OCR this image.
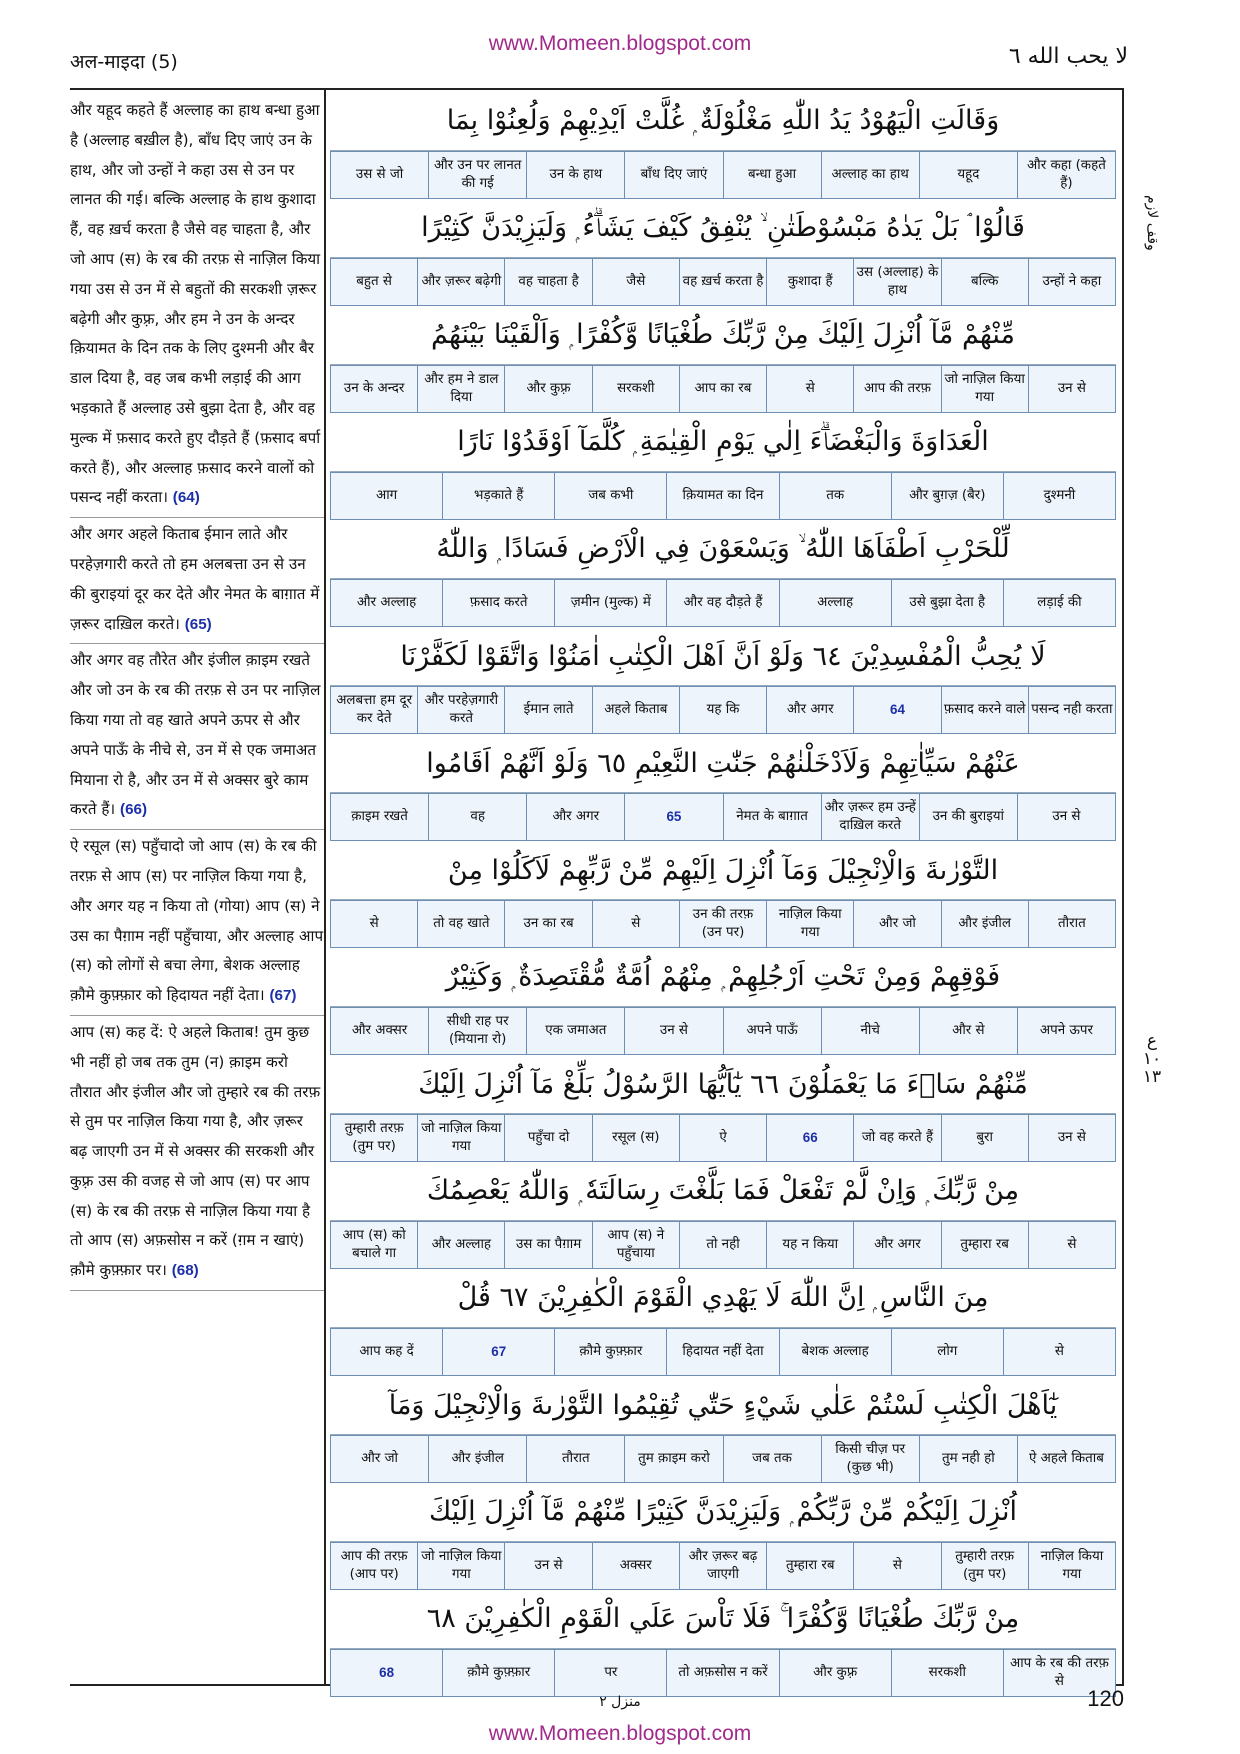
www.Momeen.blogspot.com
अल-माइदा (5)	لا يحب الله ٦
और यहूद कहते हैं अल्लाह का हाथ बन्धा हुआ है (अल्लाह बख़ील है), बाँध दिए जाएं उन के हाथ, और जो उन्हों ने कहा उस से उन पर लानत की गई। बल्कि अल्लाह के हाथ कुशादा हैं, वह ख़र्च करता है जैसे वह चाहता है, और जो आप (स) के रब की तरफ़ से नाज़िल किया गया उस से उन में से बहुतों की सरकशी ज़रूर बढ़ेगी और कुफ़्र, और हम ने उन के अन्दर क़ियामत के दिन तक के लिए दुश्मनी और बैर डाल दिया है, वह जब कभी लड़ाई की आग भड़काते हैं अल्लाह उसे बुझा देता है, और वह मुल्क में फ़साद करते हुए दौड़ते हैं (फ़साद बर्पा करते हैं), और अल्लाह फ़साद करने वालों को पसन्द नहीं करता। (64)
और अगर अहले किताब ईमान लाते और परहेज़गारी करते तो हम अलबत्ता उन से उन की बुराइयां दूर कर देते और नेमत के बाग़ात में ज़रूर दाख़िल करते। (65)
और अगर वह तौरेत और इंजील क़ाइम रखते और जो उन के रब की तरफ़ से उन पर नाज़िल किया गया तो वह खाते अपने ऊपर से और अपने पाऊँ के नीचे से, उन में से एक जमाअत मियाना रो है, और उन में से अक्सर बुरे काम करते हैं। (66)
ऐ रसूल (स) पहुँचादो जो आप (स) के रब की तरफ़ से आप (स) पर नाज़िल किया गया है, और अगर यह न किया तो (गोया) आप (स) ने उस का पैग़ाम नहीं पहुँचाया, और अल्लाह आप (स) को लोगों से बचा लेगा, बेशक अल्लाह क़ौमे कुफ़्फ़ार को हिदायत नहीं देता। (67)
आप (स) कह दें: ऐ अहले किताब! तुम कुछ भी नहीं हो जब तक तुम (न) क़ाइम करो तौरात और इंजील और जो तुम्हारे रब की तरफ़ से तुम पर नाज़िल किया गया है, और ज़रूर बढ़ जाएगी उन में से अक्सर की सरकशी और कुफ़्र उस की वजह से जो आप (स) पर आप (स) के रब की तरफ़ से नाज़िल किया गया है तो आप (स) अफ़सोस न करें (ग़म न खाएं) क़ौमे कुफ़्फ़ार पर। (68)
وَقَالَتِ الْيَهُوْدُ يَدُ اللّٰهِ مَغْلُوْلَةٌ ۭ غُلَّتْ اَيْدِيْهِمْ وَلُعِنُوْا بِمَا
और कहा (कहते हैं)
यहूद
अल्लाह का हाथ
बन्धा हुआ
बाँध दिए जाएं
उन के हाथ
और उन पर लानत की गई
उस से जो
قَالُوْا ۘ بَلْ يَدٰهُ مَبْسُوْطَتٰنِ ۙ يُنْفِقُ كَيْفَ يَشَاۗءُ ۭ وَلَيَزِيْدَنَّ كَثِيْرًا
उन्हों ने कहा
बल्कि
उस (अल्लाह) के हाथ
कुशादा हैं
वह ख़र्च करता है
जैसे
वह चाहता है
और ज़रूर बढ़ेगी
बहुत से
مِّنْهُمْ مَّآ اُنْزِلَ اِلَيْكَ مِنْ رَّبِّكَ طُغْيَانًا وَّكُفْرًا ۭ وَاَلْقَيْنَا بَيْنَهُمُ
उन से
जो नाज़िल किया गया
आप की तरफ़
से
आप का रब
सरकशी
और कुफ़्र
और हम ने डाल दिया
उन के अन्दर
الْعَدَاوَةَ وَالْبَغْضَاۗءَ اِلٰي يَوْمِ الْقِيٰمَةِ ۭ كُلَّمَآ اَوْقَدُوْا نَارًا
दुश्मनी
और बुग़ज़ (बैर)
तक
क़ियामत का दिन
जब कभी
भड़काते हैं
आग
لِّلْحَرْبِ اَطْفَاَهَا اللّٰهُ ۙ وَيَسْعَوْنَ فِي الْاَرْضِ فَسَادًا ۭ وَاللّٰهُ
लड़ाई की
उसे बुझा देता है
अल्लाह
और वह दौड़ते हैं
ज़मीन (मुल्क) में
फ़साद करते
और अल्लाह
لَا يُحِبُّ الْمُفْسِدِيْنَ ٦٤ وَلَوْ اَنَّ اَهْلَ الْكِتٰبِ اٰمَنُوْا وَاتَّقَوْا لَكَفَّرْنَا
पसन्द नही करता
फ़साद करने वाले
64
और अगर
यह कि
अहले किताब
ईमान लाते
और परहेज़गारी करते
अलबत्ता हम दूर कर देते
عَنْهُمْ سَيِّاٰتِهِمْ وَلَاَدْخَلْنٰهُمْ جَنّٰتِ النَّعِيْمِ ٦٥ وَلَوْ اَنَّهُمْ اَقَامُوا
उन से
उन की बुराइयां
और ज़रूर हम उन्हें दाख़िल करते
नेमत के बाग़ात
65
और अगर
वह
क़ाइम रखते
التَّوْرٰىةَ وَالْاِنْجِيْلَ وَمَآ اُنْزِلَ اِلَيْهِمْ مِّنْ رَّبِّهِمْ لَاَكَلُوْا مِنْ
तौरात
और इंजील
और जो
नाज़िल किया गया
उन की तरफ़ (उन पर)
से
उन का रब
तो वह खाते
से
فَوْقِهِمْ وَمِنْ تَحْتِ اَرْجُلِهِمْ ۭ مِنْهُمْ اُمَّةٌ مُّقْتَصِدَةٌ ۭ وَكَثِيْرٌ
अपने ऊपर
और से
नीचे
अपने पाऊँ
उन से
एक जमाअत
सीधी राह पर (मियाना रो)
और अक्सर
مِّنْهُمْ سَاۗءَ مَا يَعْمَلُوْنَ ٦٦ يٰٓاَيُّهَا الرَّسُوْلُ بَلِّغْ مَآ اُنْزِلَ اِلَيْكَ
उन से
बुरा
जो वह करते हैं
66
ऐ
रसूल (स)
पहुँचा दो
जो नाज़िल किया गया
तुम्हारी तरफ़ (तुम पर)
مِنْ رَّبِّكَ ۭ وَاِنْ لَّمْ تَفْعَلْ فَمَا بَلَّغْتَ رِسَالَتَهٗ ۭ وَاللّٰهُ يَعْصِمُكَ
से
तुम्हारा रब
और अगर
यह न किया
तो नही
आप (स) ने पहुँचाया
उस का पैग़ाम
और अल्लाह
आप (स) को बचाले गा
مِنَ النَّاسِ ۭ اِنَّ اللّٰهَ لَا يَهْدِي الْقَوْمَ الْكٰفِرِيْنَ ٦٧ قُلْ
से
लोग
बेशक अल्लाह
हिदायत नहीं देता
क़ौमे कुफ़्फ़ार
67
आप कह दें
يٰٓاَهْلَ الْكِتٰبِ لَسْتُمْ عَلٰي شَيْءٍ حَتّٰي تُقِيْمُوا التَّوْرٰىةَ وَالْاِنْجِيْلَ وَمَآ
ऐ अहले किताब
तुम नही हो
किसी चीज़ पर (कुछ भी)
जब तक
तुम क़ाइम करो
तौरात
और इंजील
और जो
اُنْزِلَ اِلَيْكُمْ مِّنْ رَّبِّكُمْ ۭ وَلَيَزِيْدَنَّ كَثِيْرًا مِّنْهُمْ مَّآ اُنْزِلَ اِلَيْكَ
नाज़िल किया गया
तुम्हारी तरफ़ (तुम पर)
से
तुम्हारा रब
और ज़रूर बढ़ जाएगी
अक्सर
उन से
जो नाज़िल किया गया
आप की तरफ़ (आप पर)
مِنْ رَّبِّكَ طُغْيَانًا وَّكُفْرًا ۚ فَلَا تَاْسَ عَلَي الْقَوْمِ الْكٰفِرِيْنَ ٦٨
आप के रब की तरफ़ से
सरकशी
और कुफ़्र
तो अफ़सोस न करें
पर
क़ौमे कुफ़्फ़ार
68
وقف لازم
ع ١٠ ١٣
منزل ٢	120
www.Momeen.blogspot.com
